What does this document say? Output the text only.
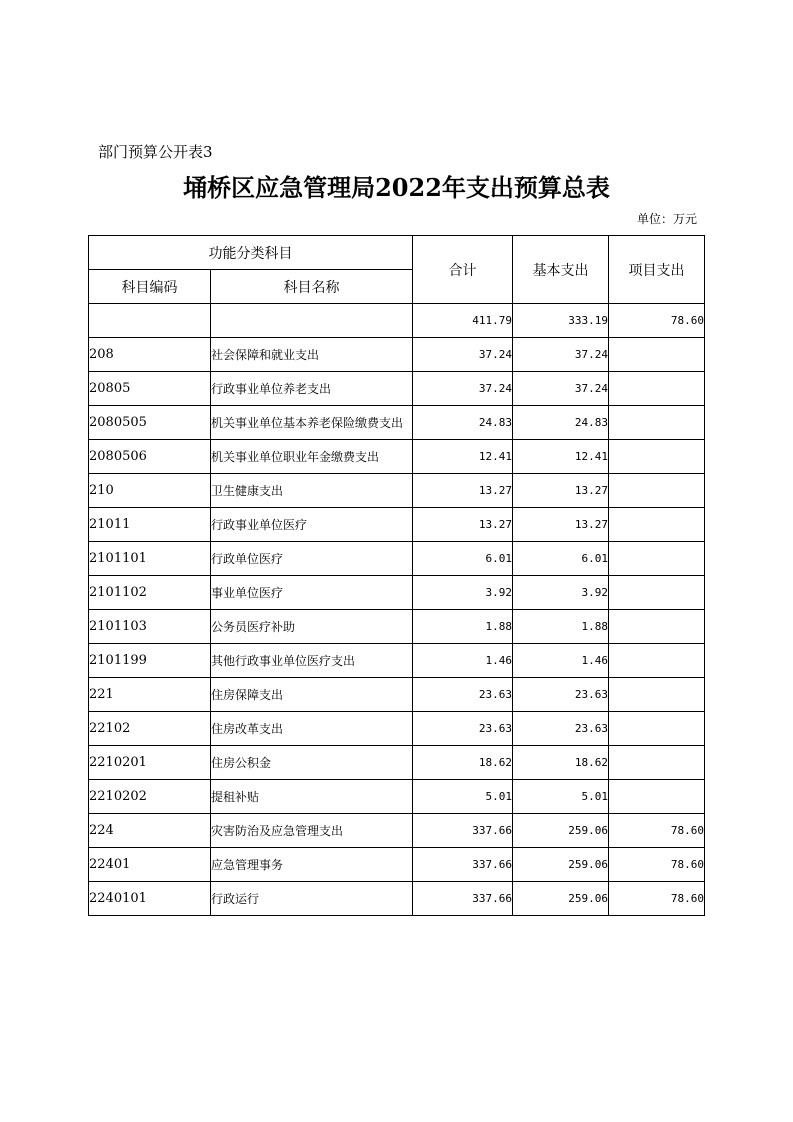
部门预算公开表3
埇桥区应急管理局2022年支出预算总表
单位：万元
功能分类科目		合计	基本支出	项目支出
科目编码	科目名称			
		411.79	333.19	78.60
208	社会保障和就业支出	37.24	37.24	
20805	行政事业单位养老支出	37.24	37.24	
2080505	机关事业单位基本养老保险缴费支出	24.83	24.83	
2080506	机关事业单位职业年金缴费支出	12.41	12.41	
210	卫生健康支出	13.27	13.27	
21011	行政事业单位医疗	13.27	13.27	
2101101	行政单位医疗	6.01	6.01	
2101102	事业单位医疗	3.92	3.92	
2101103	公务员医疗补助	1.88	1.88	
2101199	其他行政事业单位医疗支出	1.46	1.46	
221	住房保障支出	23.63	23.63	
22102	住房改革支出	23.63	23.63	
2210201	住房公积金	18.62	18.62	
2210202	提租补贴	5.01	5.01	
224	灾害防治及应急管理支出	337.66	259.06	78.60
22401	应急管理事务	337.66	259.06	78.60
2240101	行政运行	337.66	259.06	78.60
